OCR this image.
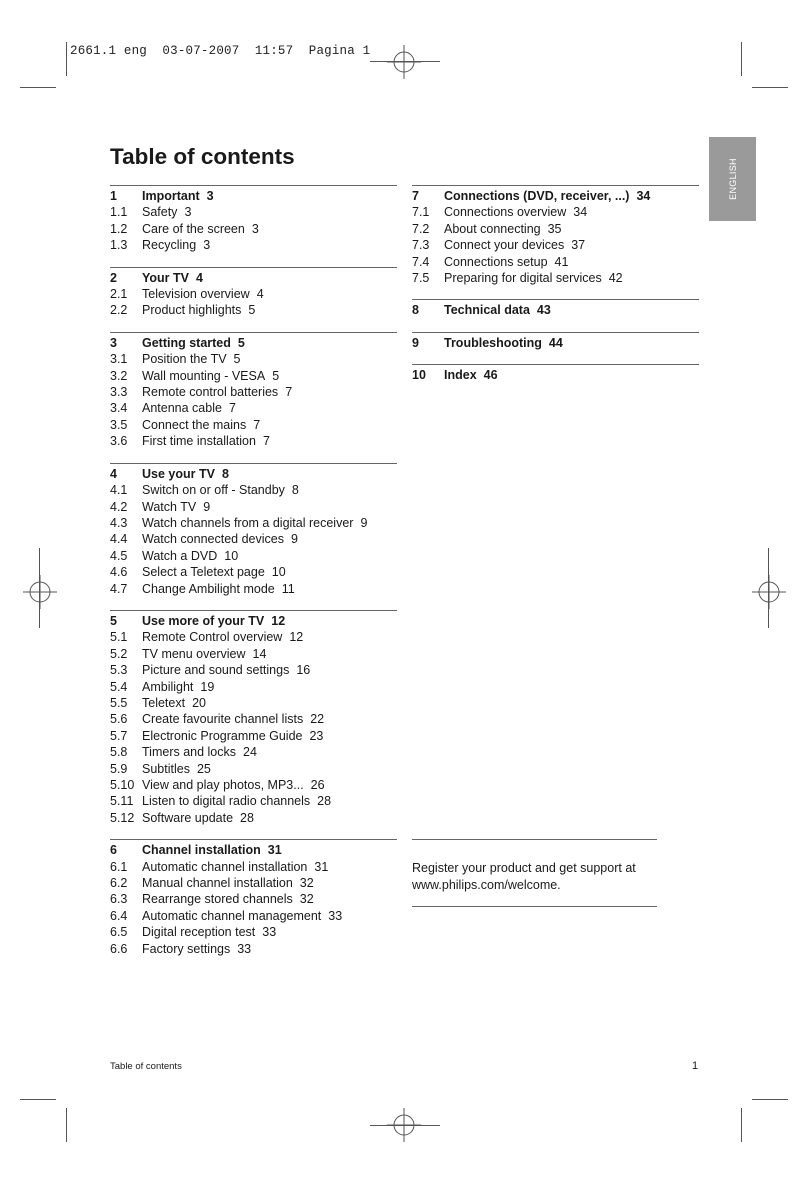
2661.1 eng  03-07-2007  11:57  Pagina 1
ENGLISH
Table of contents
1	Important 3
1.1	Safety 3
1.2	Care of the screen 3
1.3	Recycling 3
2	Your TV 4
2.1	Television overview 4
2.2	Product highlights 5
3	Getting started 5
3.1	Position the TV 5
3.2	Wall mounting - VESA 5
3.3	Remote control batteries 7
3.4	Antenna cable 7
3.5	Connect the mains 7
3.6	First time installation 7
4	Use your TV 8
4.1	Switch on or off - Standby 8
4.2	Watch TV 9
4.3	Watch channels from a digital receiver 9
4.4	Watch connected devices 9
4.5	Watch a DVD 10
4.6	Select a Teletext page 10
4.7	Change Ambilight mode 11
5	Use more of your TV 12
5.1	Remote Control overview 12
5.2	TV menu overview 14
5.3	Picture and sound settings 16
5.4	Ambilight 19
5.5	Teletext 20
5.6	Create favourite channel lists 22
5.7	Electronic Programme Guide 23
5.8	Timers and locks 24
5.9	Subtitles 25
5.10 View and play photos, MP3... 26
5.11 Listen to digital radio channels 28
5.12 Software update 28
6	Channel installation 31
6.1	Automatic channel installation 31
6.2	Manual channel installation 32
6.3	Rearrange stored channels 32
6.4	Automatic channel management 33
6.5	Digital reception test 33
6.6	Factory settings 33
7	Connections (DVD, receiver, ...) 34
7.1	Connections overview 34
7.2	About connecting 35
7.3	Connect your devices 37
7.4	Connections setup 41
7.5	Preparing for digital services 42
8	Technical data 43
9	Troubleshooting 44
10	Index 46
Register your product and get support at
www.philips.com/welcome.
Table of contents	1
